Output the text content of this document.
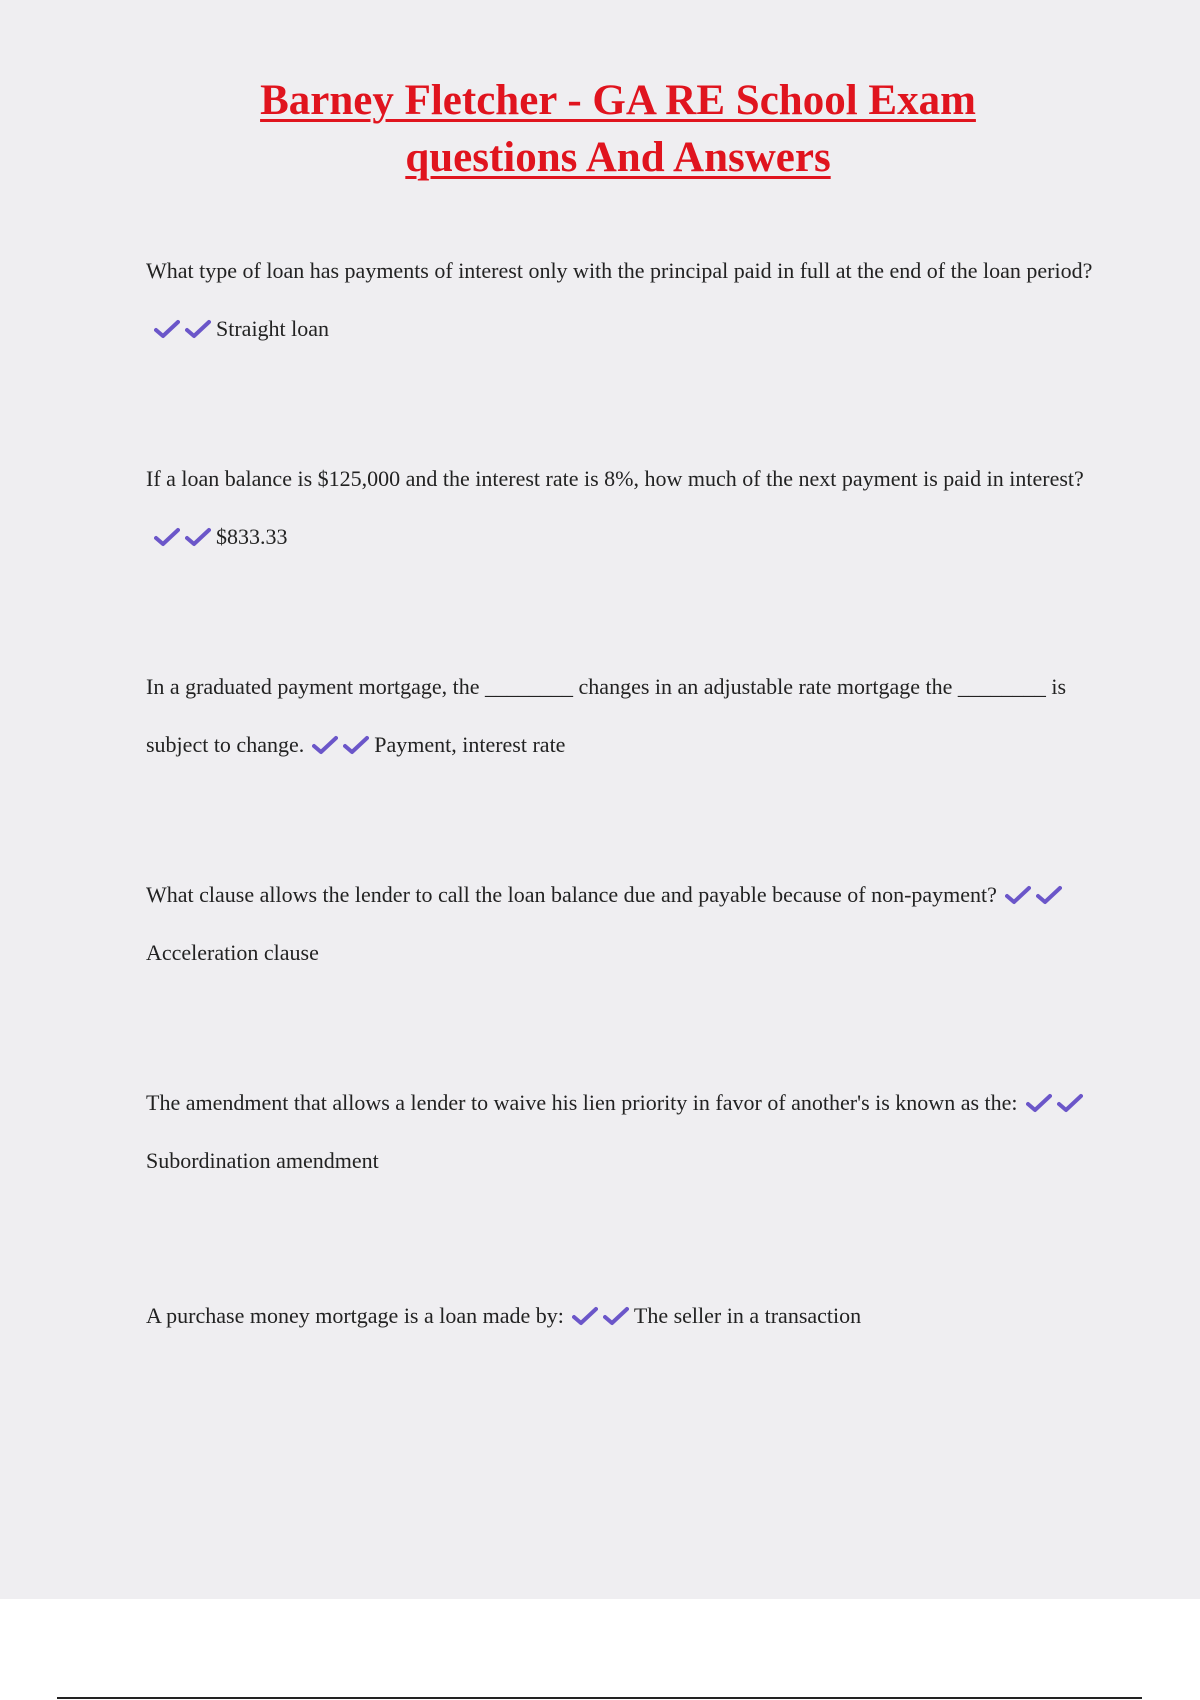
Barney Fletcher - GA RE School Exam
questions And Answers

What type of loan has payments of interest only with the principal paid in full at the end of the loan period?
Straight loan

If a loan balance is $125,000 and the interest rate is 8%, how much of the next payment is paid in interest?
$833.33

In a graduated payment mortgage, the ________ changes in an adjustable rate mortgage the ________ is subject to change.	Payment, interest rate

What clause allows the lender to call the loan balance due and payable because of non-payment?
Acceleration clause

The amendment that allows a lender to waive his lien priority in favor of another's is known as the:
Subordination amendment

A purchase money mortgage is a loan made by:	The seller in a transaction
